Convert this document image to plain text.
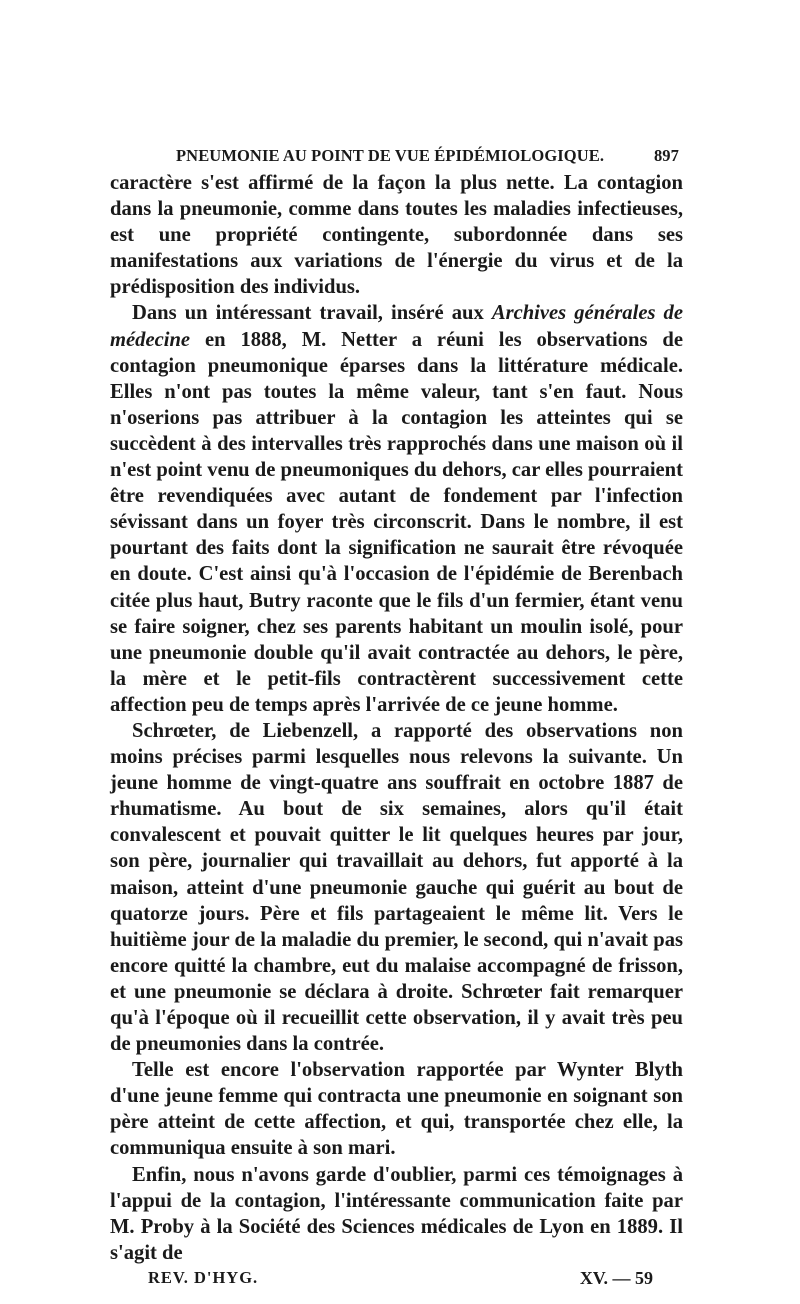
PNEUMONIE AU POINT DE VUE ÉPIDÉMIOLOGIQUE.	897

caractère s'est affirmé de la façon la plus nette. La contagion dans la pneumonie, comme dans toutes les maladies infectieuses, est une propriété contingente, subordonnée dans ses manifestations aux variations de l'énergie du virus et de la prédisposition des individus.

Dans un intéressant travail, inséré aux Archives générales de médecine en 1888, M. Netter a réuni les observations de contagion pneumonique éparses dans la littérature médicale. Elles n'ont pas toutes la même valeur, tant s'en faut. Nous n'oserions pas attribuer à la contagion les atteintes qui se succèdent à des intervalles très rapprochés dans une maison où il n'est point venu de pneumoniques du dehors, car elles pourraient être revendiquées avec autant de fondement par l'infection sévissant dans un foyer très circonscrit. Dans le nombre, il est pourtant des faits dont la signification ne saurait être révoquée en doute. C'est ainsi qu'à l'occasion de l'épidémie de Berenbach citée plus haut, Butry raconte que le fils d'un fermier, étant venu se faire soigner, chez ses parents habitant un moulin isolé, pour une pneumonie double qu'il avait contractée au dehors, le père, la mère et le petit-fils contractèrent successivement cette affection peu de temps après l'arrivée de ce jeune homme.

Schrœter, de Liebenzell, a rapporté des observations non moins précises parmi lesquelles nous relevons la suivante. Un jeune homme de vingt-quatre ans souffrait en octobre 1887 de rhumatisme. Au bout de six semaines, alors qu'il était convalescent et pouvait quitter le lit quelques heures par jour, son père, journalier qui travaillait au dehors, fut apporté à la maison, atteint d'une pneumonie gauche qui guérit au bout de quatorze jours. Père et fils partageaient le même lit. Vers le huitième jour de la maladie du premier, le second, qui n'avait pas encore quitté la chambre, eut du malaise accompagné de frisson, et une pneumonie se déclara à droite. Schrœter fait remarquer qu'à l'époque où il recueillit cette observation, il y avait très peu de pneumonies dans la contrée.

Telle est encore l'observation rapportée par Wynter Blyth d'une jeune femme qui contracta une pneumonie en soignant son père atteint de cette affection, et qui, transportée chez elle, la communiqua ensuite à son mari.

Enfin, nous n'avons garde d'oublier, parmi ces témoignages à l'appui de la contagion, l'intéressante communication faite par M. Proby à la Société des Sciences médicales de Lyon en 1889. Il s'agit de

REV. D'HYG.	XV. — 59
